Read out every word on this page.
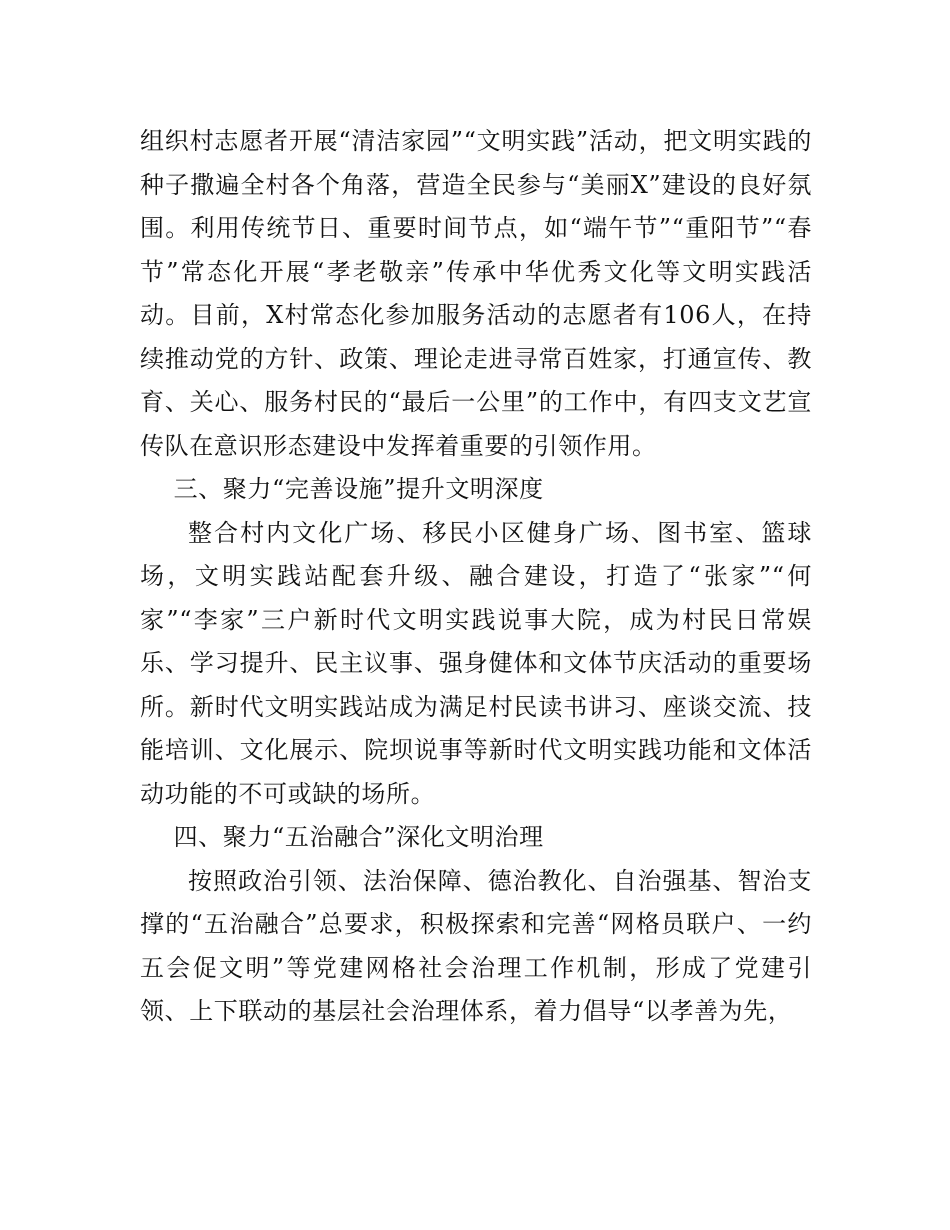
组织村志愿者开展“清洁家园”“文明实践”活动，把文明实践的种子撒遍全村各个角落，营造全民参与“美丽X”建设的良好氛围。利用传统节日、重要时间节点，如“端午节”“重阳节”“春节”常态化开展“孝老敬亲”传承中华优秀文化等文明实践活动。目前，X村常态化参加服务活动的志愿者有106人，在持续推动党的方针、政策、理论走进寻常百姓家，打通宣传、教育、关心、服务村民的“最后一公里”的工作中，有四支文艺宣传队在意识形态建设中发挥着重要的引领作用。

三、聚力“完善设施”提升文明深度

整合村内文化广场、移民小区健身广场、图书室、篮球场，文明实践站配套升级、融合建设，打造了“张家”“何家”“李家”三户新时代文明实践说事大院，成为村民日常娱乐、学习提升、民主议事、强身健体和文体节庆活动的重要场所。新时代文明实践站成为满足村民读书讲习、座谈交流、技能培训、文化展示、院坝说事等新时代文明实践功能和文体活动功能的不可或缺的场所。

四、聚力“五治融合”深化文明治理

按照政治引领、法治保障、德治教化、自治强基、智治支撑的“五治融合”总要求，积极探索和完善“网格员联户、一约五会促文明”等党建网格社会治理工作机制，形成了党建引领、上下联动的基层社会治理体系，着力倡导“以孝善为先，
